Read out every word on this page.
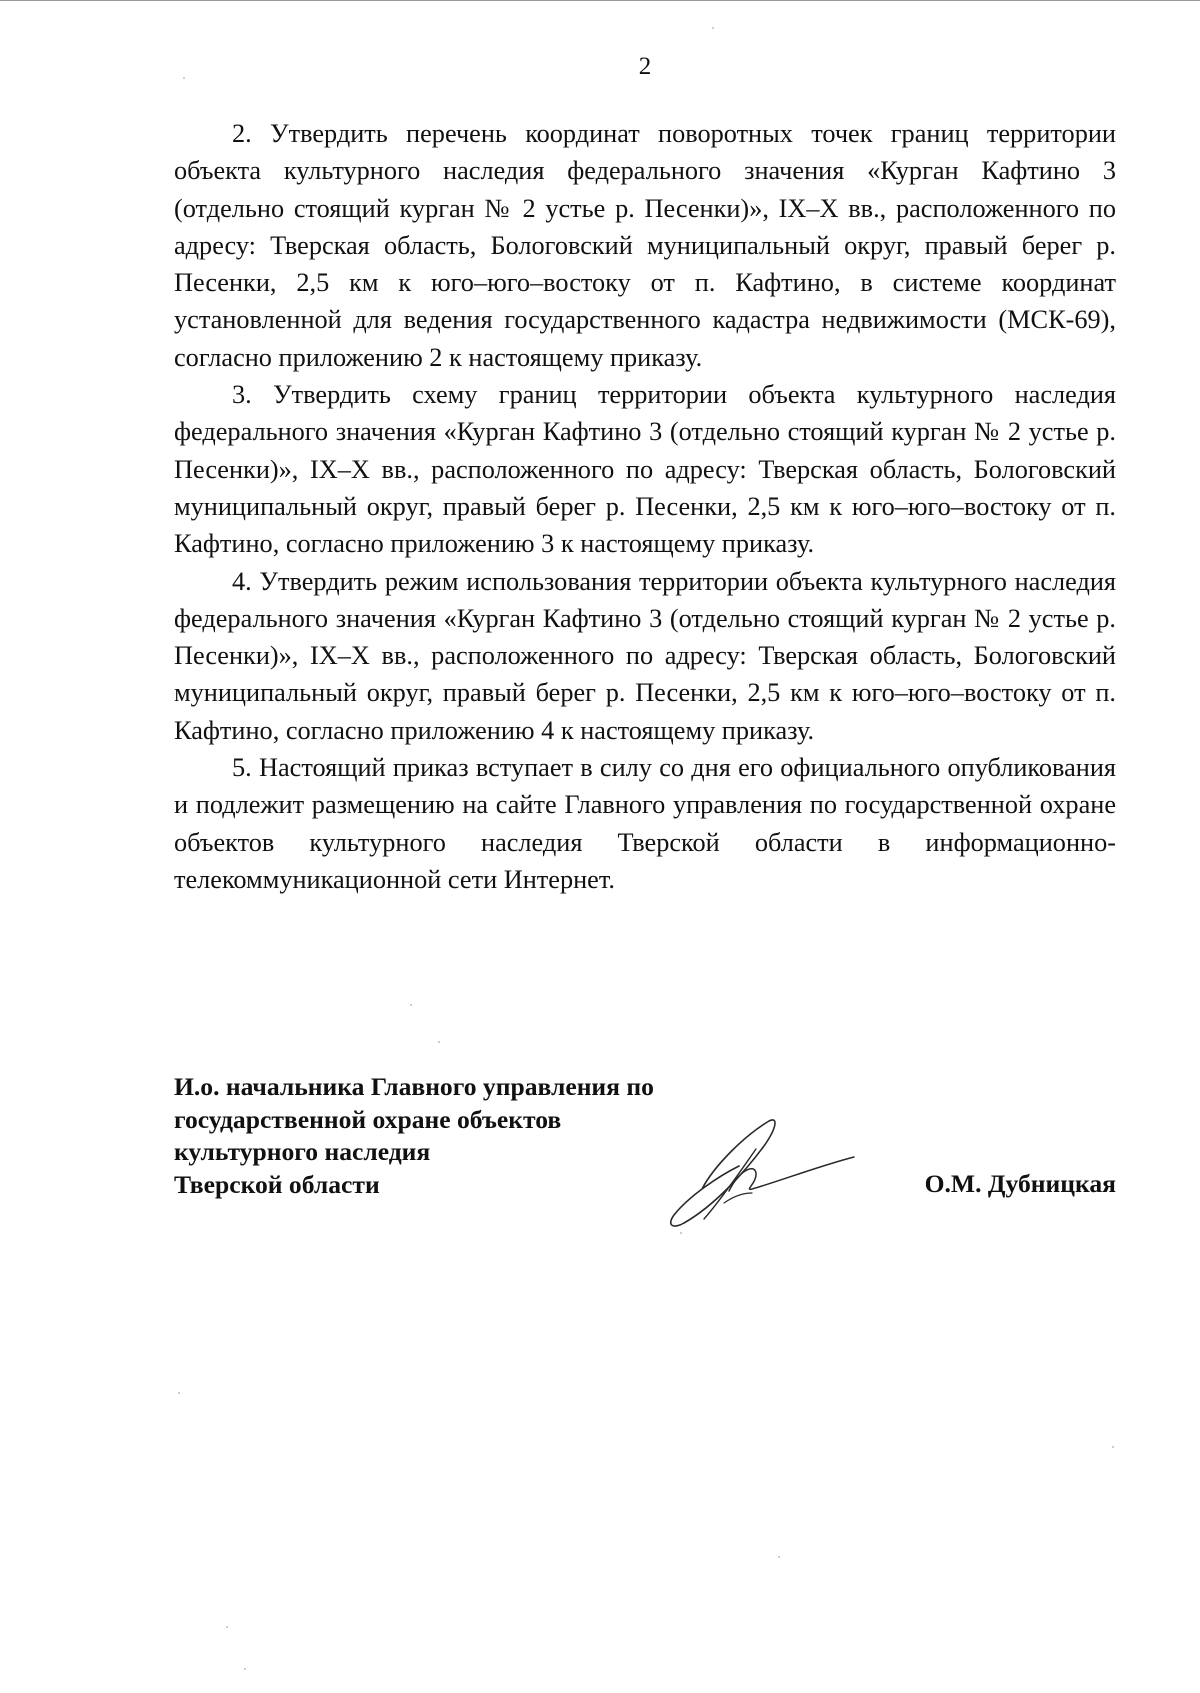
2

2. Утвердить перечень координат поворотных точек границ территории объекта культурного наследия федерального значения «Курган Кафтино 3 (отдельно стоящий курган № 2 устье р. Песенки)», IX–X вв., расположенного по адресу: Тверская область, Бологовский муниципальный округ, правый берег р. Песенки, 2,5 км к юго–юго–востоку от п. Кафтино, в системе координат установленной для ведения государственного кадастра недвижимости (МСК-69), согласно приложению 2 к настоящему приказу.

3. Утвердить схему границ территории объекта культурного наследия федерального значения «Курган Кафтино 3 (отдельно стоящий курган № 2 устье р. Песенки)», IX–X вв., расположенного по адресу: Тверская область, Бологовский муниципальный округ, правый берег р. Песенки, 2,5 км к юго–юго–востоку от п. Кафтино, согласно приложению 3 к настоящему приказу.

4. Утвердить режим использования территории объекта культурного наследия федерального значения «Курган Кафтино 3 (отдельно стоящий курган № 2 устье р. Песенки)», IX–X вв., расположенного по адресу: Тверская область, Бологовский муниципальный округ, правый берег р. Песенки, 2,5 км к юго–юго–востоку от п. Кафтино, согласно приложению 4 к настоящему приказу.

5. Настоящий приказ вступает в силу со дня его официального опубликования и подлежит размещению на сайте Главного управления по государственной охране объектов культурного наследия Тверской области в информационно-телекоммуникационной сети Интернет.

И.о. начальника Главного управления по
государственной охране объектов
культурного наследия
Тверской области	О.М. Дубницкая
